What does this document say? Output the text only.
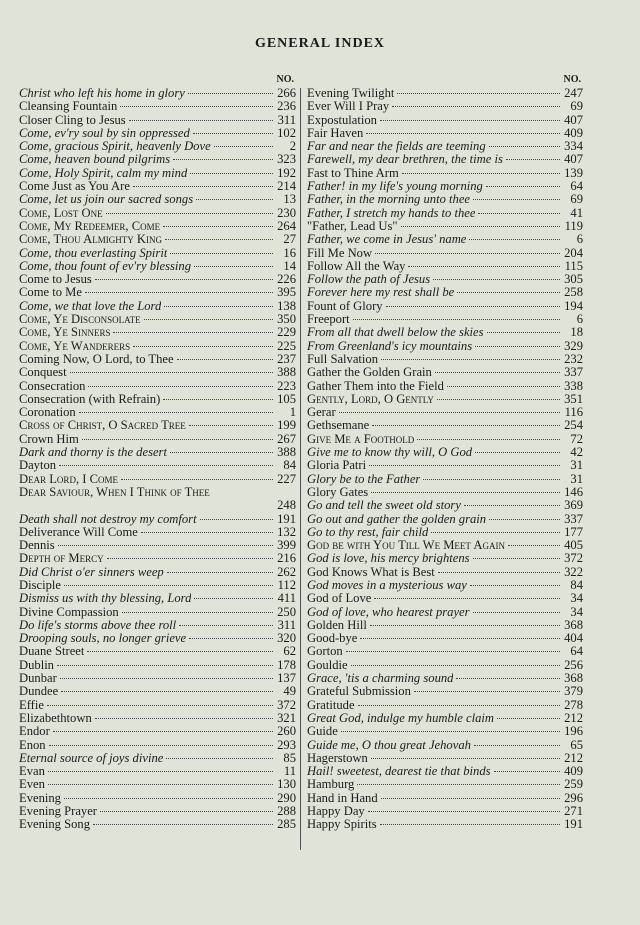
GENERAL INDEX
NO.
Christ who left his home in glory	266
Cleansing Fountain	236
Closer Cling to Jesus	311
Come, ev'ry soul by sin oppressed	102
Come, gracious Spirit, heavenly Dove	2
Come, heaven bound pilgrims	323
Come, Holy Spirit, calm my mind	192
Come Just as You Are	214
Come, let us join our sacred songs	13
Come, Lost One	230
Come, My Redeemer, Come	264
Come, Thou Almighty King	27
Come, thou everlasting Spirit	16
Come, thou fount of ev'ry blessing	14
Come to Jesus	226
Come to Me	395
Come, we that love the Lord	138
Come, Ye Disconsolate	350
Come, Ye Sinners	229
Come, Ye Wanderers	225
Coming Now, O Lord, to Thee	237
Conquest	388
Consecration	223
Consecration (with Refrain)	105
Coronation	1
Cross of Christ, O Sacred Tree	199
Crown Him	267
Dark and thorny is the desert	388
Dayton	84
Dear Lord, I Come	227
Dear Saviour, When I Think of Thee
248
Death shall not destroy my comfort	191
Deliverance Will Come	132
Dennis	399
Depth of Mercy	216
Did Christ o'er sinners weep	262
Disciple	112
Dismiss us with thy blessing, Lord	411
Divine Compassion	250
Do life's storms above thee roll	311
Drooping souls, no longer grieve	320
Duane Street	62
Dublin	178
Dunbar	137
Dundee	49
Effie	372
Elizabethtown	321
Endor	260
Enon	293
Eternal source of joys divine	85
Evan	11
Even	130
Evening	290
Evening Prayer	288
Evening Song	285
NO.
Evening Twilight	247
Ever Will I Pray	69
Expostulation	407
Fair Haven	409
Far and near the fields are teeming	334
Farewell, my dear brethren, the time is	407
Fast to Thine Arm	139
Father! in my life's young morning	64
Father, in the morning unto thee	69
Father, I stretch my hands to thee	41
"Father, Lead Us"	119
Father, we come in Jesus' name	6
Fill Me Now	204
Follow All the Way	115
Follow the path of Jesus	305
Forever here my rest shall be	258
Fount of Glory	194
Freeport	6
From all that dwell below the skies	18
From Greenland's icy mountains	329
Full Salvation	232
Gather the Golden Grain	337
Gather Them into the Field	338
Gently, Lord, O Gently	351
Gerar	116
Gethsemane	254
Give Me a Foothold	72
Give me to know thy will, O God	42
Gloria Patri	31
Glory be to the Father	31
Glory Gates	146
Go and tell the sweet old story	369
Go out and gather the golden grain	337
Go to thy rest, fair child	177
God be with You Till We Meet Again	405
God is love, his mercy brightens	372
God Knows What is Best	322
God moves in a mysterious way	84
God of Love	34
God of love, who hearest prayer	34
Golden Hill	368
Good-bye	404
Gorton	64
Gouldie	256
Grace, 'tis a charming sound	368
Grateful Submission	379
Gratitude	278
Great God, indulge my humble claim	212
Guide	196
Guide me, O thou great Jehovah	65
Hagerstown	212
Hail! sweetest, dearest tie that binds	409
Hamburg	259
Hand in Hand	296
Happy Day	271
Happy Spirits	191
